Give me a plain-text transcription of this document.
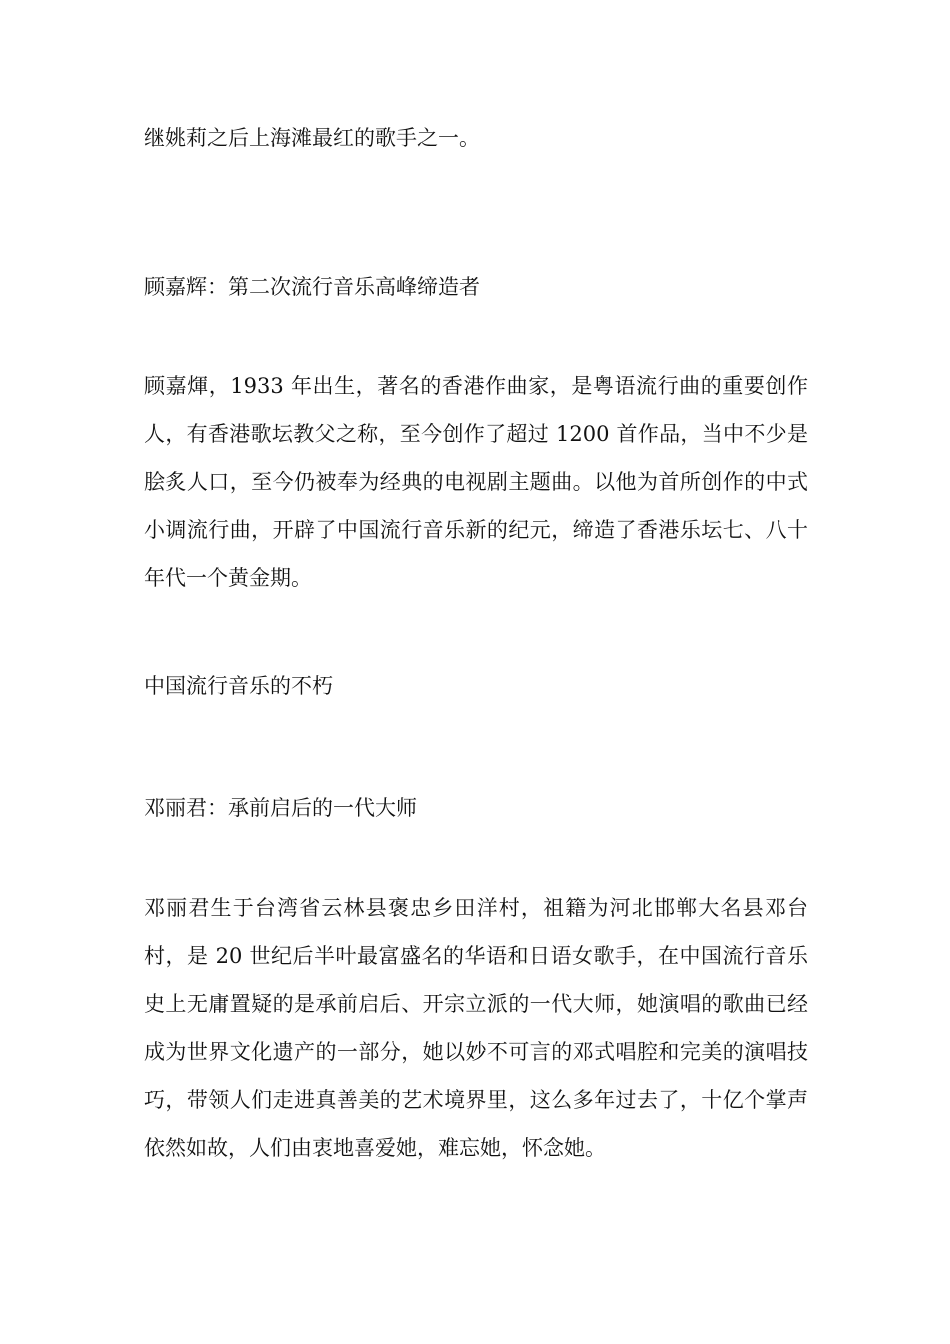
继姚莉之后上海滩最红的歌手之一。
顾嘉辉：第二次流行音乐高峰缔造者
顾嘉煇，1933 年出生，著名的香港作曲家，是粤语流行曲的重要创作人，有香港歌坛教父之称，至今创作了超过 1200 首作品，当中不少是脍炙人口，至今仍被奉为经典的电视剧主题曲。以他为首所创作的中式小调流行曲，开辟了中国流行音乐新的纪元，缔造了香港乐坛七、八十年代一个黄金期。
中国流行音乐的不朽
邓丽君：承前启后的一代大师
邓丽君生于台湾省云林县褒忠乡田洋村，祖籍为河北邯郸大名县邓台村，是 20 世纪后半叶最富盛名的华语和日语女歌手，在中国流行音乐史上无庸置疑的是承前启后、开宗立派的一代大师，她演唱的歌曲已经成为世界文化遗产的一部分，她以妙不可言的邓式唱腔和完美的演唱技巧，带领人们走进真善美的艺术境界里，这么多年过去了，十亿个掌声依然如故，人们由衷地喜爱她，难忘她，怀念她。
